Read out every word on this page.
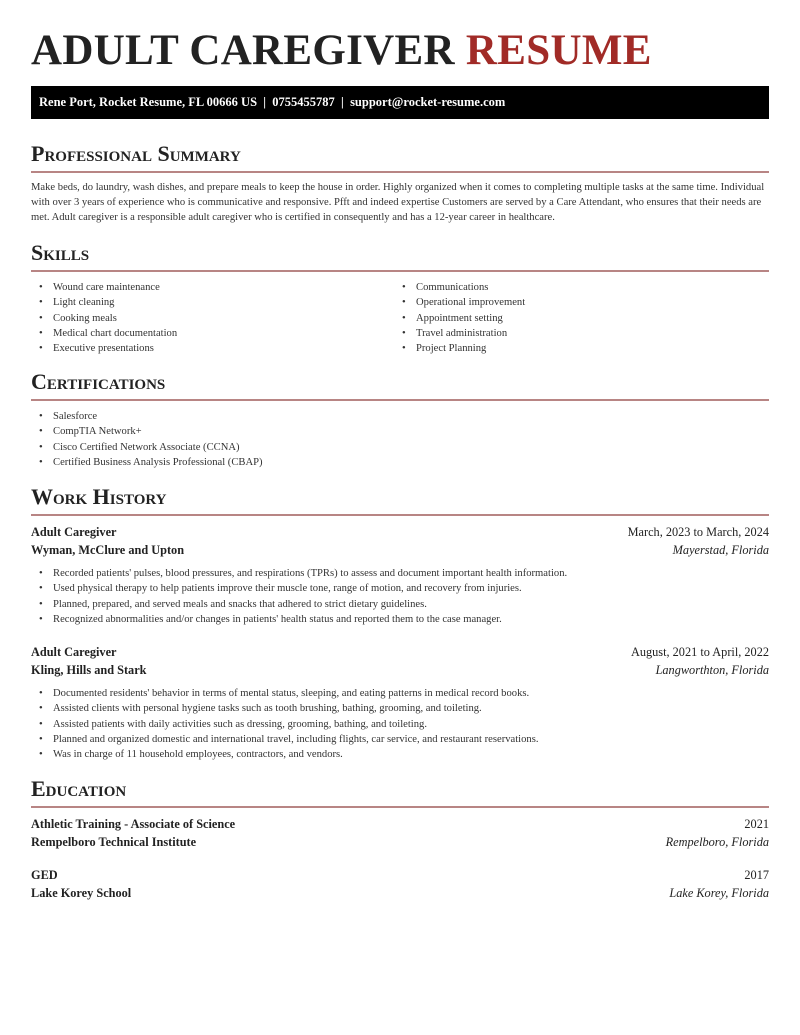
ADULT CAREGIVER RESUME
Rene Port, Rocket Resume, FL 00666 US | 0755455787 | support@rocket-resume.com
Professional Summary

Make beds, do laundry, wash dishes, and prepare meals to keep the house in order. Highly organized when it comes to completing multiple tasks at the same time. Individual with over 3 years of experience who is communicative and responsive. Pfft and indeed expertise Customers are served by a Care Attendant, who ensures that their needs are met. Adult caregiver is a responsible adult caregiver who is certified in consequently and has a 12-year career in healthcare.

Skills
• Wound care maintenance
• Light cleaning
• Cooking meals
• Medical chart documentation
• Executive presentations
• Communications
• Operational improvement
• Appointment setting
• Travel administration
• Project Planning
Certifications
• Salesforce
• CompTIA Network+
• Cisco Certified Network Associate (CCNA)
• Certified Business Analysis Professional (CBAP)
Work History
Adult Caregiver	March, 2023 to March, 2024
Wyman, McClure and Upton	Mayerstad, Florida
• Recorded patients' pulses, blood pressures, and respirations (TPRs) to assess and document important health information.
• Used physical therapy to help patients improve their muscle tone, range of motion, and recovery from injuries.
• Planned, prepared, and served meals and snacks that adhered to strict dietary guidelines.
• Recognized abnormalities and/or changes in patients' health status and reported them to the case manager.
Adult Caregiver	August, 2021 to April, 2022
Kling, Hills and Stark	Langworthton, Florida
• Documented residents' behavior in terms of mental status, sleeping, and eating patterns in medical record books.
• Assisted clients with personal hygiene tasks such as tooth brushing, bathing, grooming, and toileting.
• Assisted patients with daily activities such as dressing, grooming, bathing, and toileting.
• Planned and organized domestic and international travel, including flights, car service, and restaurant reservations.
• Was in charge of 11 household employees, contractors, and vendors.
Education
Athletic Training - Associate of Science	2021
Rempelboro Technical Institute	Rempelboro, Florida
GED	2017
Lake Korey School	Lake Korey, Florida
